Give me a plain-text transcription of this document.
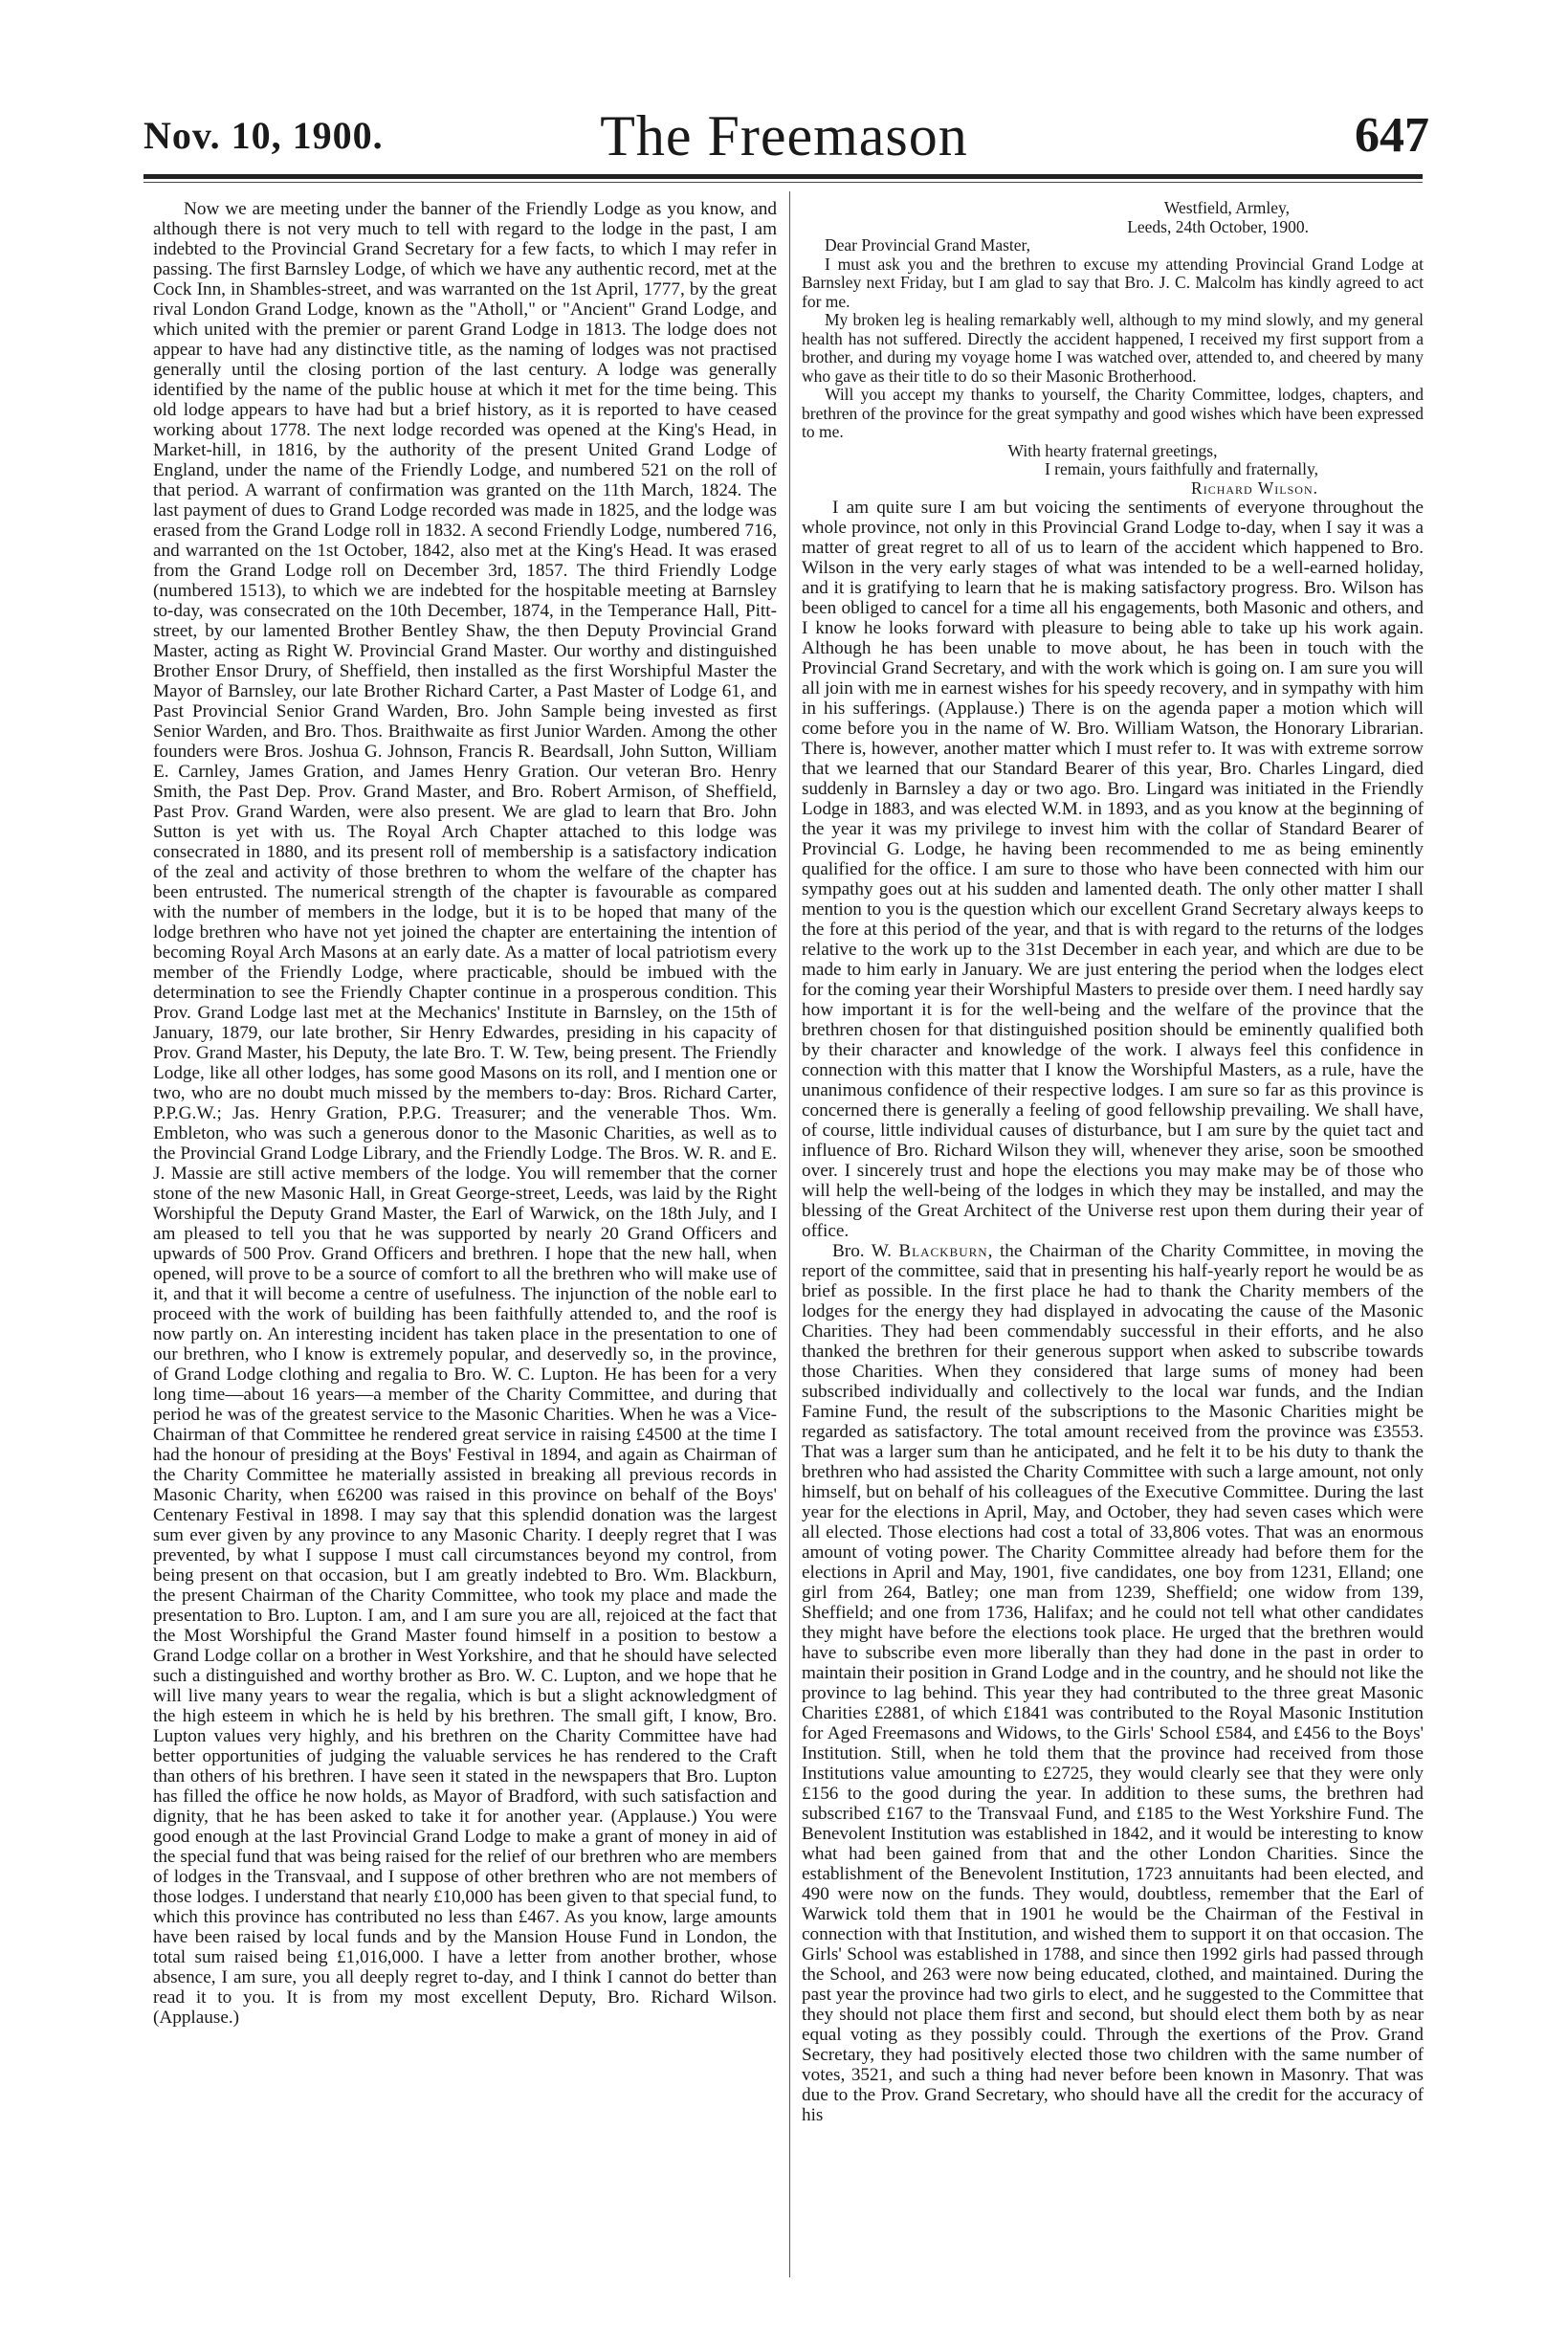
Nov. 10, 1900.	The Freemason	647

Now we are meeting under the banner of the Friendly Lodge as you know, and although there is not very much to tell with regard to the lodge in the past, I am indebted to the Provincial Grand Secretary for a few facts, to which I may refer in passing. The first Barnsley Lodge, of which we have any authentic record, met at the Cock Inn, in Shambles-street, and was warranted on the 1st April, 1777, by the great rival London Grand Lodge, known as the "Atholl," or "Ancient" Grand Lodge, and which united with the premier or parent Grand Lodge in 1813. The lodge does not appear to have had any distinctive title, as the naming of lodges was not practised generally until the closing portion of the last century. A lodge was generally identified by the name of the public house at which it met for the time being. This old lodge appears to have had but a brief history, as it is reported to have ceased working about 1778. The next lodge recorded was opened at the King's Head, in Market-hill, in 1816, by the authority of the present United Grand Lodge of England, under the name of the Friendly Lodge, and numbered 521 on the roll of that period. A warrant of confirmation was granted on the 11th March, 1824. The last payment of dues to Grand Lodge recorded was made in 1825, and the lodge was erased from the Grand Lodge roll in 1832. A second Friendly Lodge, numbered 716, and warranted on the 1st October, 1842, also met at the King's Head. It was erased from the Grand Lodge roll on December 3rd, 1857. The third Friendly Lodge (numbered 1513), to which we are indebted for the hospitable meeting at Barnsley to-day, was consecrated on the 10th December, 1874, in the Temperance Hall, Pitt-street, by our lamented Brother Bentley Shaw, the then Deputy Provincial Grand Master, acting as Right W. Provincial Grand Master. Our worthy and distinguished Brother Ensor Drury, of Sheffield, then installed as the first Worshipful Master the Mayor of Barnsley, our late Brother Richard Carter, a Past Master of Lodge 61, and Past Provincial Senior Grand Warden, Bro. John Sample being invested as first Senior Warden, and Bro. Thos. Braithwaite as first Junior Warden. Among the other founders were Bros. Joshua G. Johnson, Francis R. Beardsall, John Sutton, William E. Carnley, James Gration, and James Henry Gration. Our veteran Bro. Henry Smith, the Past Dep. Prov. Grand Master, and Bro. Robert Armison, of Sheffield, Past Prov. Grand Warden, were also present. We are glad to learn that Bro. John Sutton is yet with us. The Royal Arch Chapter attached to this lodge was consecrated in 1880, and its present roll of membership is a satisfactory indication of the zeal and activity of those brethren to whom the welfare of the chapter has been entrusted. The numerical strength of the chapter is favourable as compared with the number of members in the lodge, but it is to be hoped that many of the lodge brethren who have not yet joined the chapter are entertaining the intention of becoming Royal Arch Masons at an early date. As a matter of local patriotism every member of the Friendly Lodge, where practicable, should be imbued with the determination to see the Friendly Chapter continue in a prosperous condition. This Prov. Grand Lodge last met at the Mechanics' Institute in Barnsley, on the 15th of January, 1879, our late brother, Sir Henry Edwardes, presiding in his capacity of Prov. Grand Master, his Deputy, the late Bro. T. W. Tew, being present. The Friendly Lodge, like all other lodges, has some good Masons on its roll, and I mention one or two, who are no doubt much missed by the members to-day: Bros. Richard Carter, P.P.G.W.; Jas. Henry Gration, P.P.G. Treasurer; and the venerable Thos. Wm. Embleton, who was such a generous donor to the Masonic Charities, as well as to the Provincial Grand Lodge Library, and the Friendly Lodge. The Bros. W. R. and E. J. Massie are still active members of the lodge. You will remember that the corner stone of the new Masonic Hall, in Great George-street, Leeds, was laid by the Right Worshipful the Deputy Grand Master, the Earl of Warwick, on the 18th July, and I am pleased to tell you that he was supported by nearly 20 Grand Officers and upwards of 500 Prov. Grand Officers and brethren. I hope that the new hall, when opened, will prove to be a source of comfort to all the brethren who will make use of it, and that it will become a centre of usefulness. The injunction of the noble earl to proceed with the work of building has been faithfully attended to, and the roof is now partly on. An interesting incident has taken place in the presentation to one of our brethren, who I know is extremely popular, and deservedly so, in the province, of Grand Lodge clothing and regalia to Bro. W. C. Lupton. He has been for a very long time—about 16 years—a member of the Charity Committee, and during that period he was of the greatest service to the Masonic Charities. When he was a Vice-Chairman of that Committee he rendered great service in raising £4500 at the time I had the honour of presiding at the Boys' Festival in 1894, and again as Chairman of the Charity Committee he materially assisted in breaking all previous records in Masonic Charity, when £6200 was raised in this province on behalf of the Boys' Centenary Festival in 1898. I may say that this splendid donation was the largest sum ever given by any province to any Masonic Charity. I deeply regret that I was prevented, by what I suppose I must call circumstances beyond my control, from being present on that occasion, but I am greatly indebted to Bro. Wm. Blackburn, the present Chairman of the Charity Committee, who took my place and made the presentation to Bro. Lupton. I am, and I am sure you are all, rejoiced at the fact that the Most Worshipful the Grand Master found himself in a position to bestow a Grand Lodge collar on a brother in West Yorkshire, and that he should have selected such a distinguished and worthy brother as Bro. W. C. Lupton, and we hope that he will live many years to wear the regalia, which is but a slight acknowledgment of the high esteem in which he is held by his brethren. The small gift, I know, Bro. Lupton values very highly, and his brethren on the Charity Committee have had better opportunities of judging the valuable services he has rendered to the Craft than others of his brethren. I have seen it stated in the newspapers that Bro. Lupton has filled the office he now holds, as Mayor of Bradford, with such satisfaction and dignity, that he has been asked to take it for another year. (Applause.) You were good enough at the last Provincial Grand Lodge to make a grant of money in aid of the special fund that was being raised for the relief of our brethren who are members of lodges in the Transvaal, and I suppose of other brethren who are not members of those lodges. I understand that nearly £10,000 has been given to that special fund, to which this province has contributed no less than £467. As you know, large amounts have been raised by local funds and by the Mansion House Fund in London, the total sum raised being £1,016,000. I have a letter from another brother, whose absence, I am sure, you all deeply regret to-day, and I think I cannot do better than read it to you. It is from my most excellent Deputy, Bro. Richard Wilson. (Applause.)

Westfield, Armley,

Leeds, 24th October, 1900.

Dear Provincial Grand Master,

I must ask you and the brethren to excuse my attending Provincial Grand Lodge at Barnsley next Friday, but I am glad to say that Bro. J. C. Malcolm has kindly agreed to act for me.

My broken leg is healing remarkably well, although to my mind slowly, and my general health has not suffered. Directly the accident happened, I received my first support from a brother, and during my voyage home I was watched over, attended to, and cheered by many who gave as their title to do so their Masonic Brotherhood.

Will you accept my thanks to yourself, the Charity Committee, lodges, chapters, and brethren of the province for the great sympathy and good wishes which have been expressed to me.

With hearty fraternal greetings,

I remain, yours faithfully and fraternally,

Richard Wilson.

I am quite sure I am but voicing the sentiments of everyone throughout the whole province, not only in this Provincial Grand Lodge to-day, when I say it was a matter of great regret to all of us to learn of the accident which happened to Bro. Wilson in the very early stages of what was intended to be a well-earned holiday, and it is gratifying to learn that he is making satisfactory progress. Bro. Wilson has been obliged to cancel for a time all his engagements, both Masonic and others, and I know he looks forward with pleasure to being able to take up his work again. Although he has been unable to move about, he has been in touch with the Provincial Grand Secretary, and with the work which is going on. I am sure you will all join with me in earnest wishes for his speedy recovery, and in sympathy with him in his sufferings. (Applause.) There is on the agenda paper a motion which will come before you in the name of W. Bro. William Watson, the Honorary Librarian. There is, however, another matter which I must refer to. It was with extreme sorrow that we learned that our Standard Bearer of this year, Bro. Charles Lingard, died suddenly in Barnsley a day or two ago. Bro. Lingard was initiated in the Friendly Lodge in 1883, and was elected W.M. in 1893, and as you know at the beginning of the year it was my privilege to invest him with the collar of Standard Bearer of Provincial G. Lodge, he having been recommended to me as being eminently qualified for the office. I am sure to those who have been connected with him our sympathy goes out at his sudden and lamented death. The only other matter I shall mention to you is the question which our excellent Grand Secretary always keeps to the fore at this period of the year, and that is with regard to the returns of the lodges relative to the work up to the 31st December in each year, and which are due to be made to him early in January. We are just entering the period when the lodges elect for the coming year their Worshipful Masters to preside over them. I need hardly say how important it is for the well-being and the welfare of the province that the brethren chosen for that distinguished position should be eminently qualified both by their character and knowledge of the work. I always feel this confidence in connection with this matter that I know the Worshipful Masters, as a rule, have the unanimous confidence of their respective lodges. I am sure so far as this province is concerned there is generally a feeling of good fellowship prevailing. We shall have, of course, little individual causes of disturbance, but I am sure by the quiet tact and influence of Bro. Richard Wilson they will, whenever they arise, soon be smoothed over. I sincerely trust and hope the elections you may make may be of those who will help the well-being of the lodges in which they may be installed, and may the blessing of the Great Architect of the Universe rest upon them during their year of office.

Bro. W. Blackburn, the Chairman of the Charity Committee, in moving the report of the committee, said that in presenting his half-yearly report he would be as brief as possible. In the first place he had to thank the Charity members of the lodges for the energy they had displayed in advocating the cause of the Masonic Charities. They had been commendably successful in their efforts, and he also thanked the brethren for their generous support when asked to subscribe towards those Charities. When they considered that large sums of money had been subscribed individually and collectively to the local war funds, and the Indian Famine Fund, the result of the subscriptions to the Masonic Charities might be regarded as satisfactory. The total amount received from the province was £3553. That was a larger sum than he anticipated, and he felt it to be his duty to thank the brethren who had assisted the Charity Committee with such a large amount, not only himself, but on behalf of his colleagues of the Executive Committee. During the last year for the elections in April, May, and October, they had seven cases which were all elected. Those elections had cost a total of 33,806 votes. That was an enormous amount of voting power. The Charity Committee already had before them for the elections in April and May, 1901, five candidates, one boy from 1231, Elland; one girl from 264, Batley; one man from 1239, Sheffield; one widow from 139, Sheffield; and one from 1736, Halifax; and he could not tell what other candidates they might have before the elections took place. He urged that the brethren would have to subscribe even more liberally than they had done in the past in order to maintain their position in Grand Lodge and in the country, and he should not like the province to lag behind. This year they had contributed to the three great Masonic Charities £2881, of which £1841 was contributed to the Royal Masonic Institution for Aged Freemasons and Widows, to the Girls' School £584, and £456 to the Boys' Institution. Still, when he told them that the province had received from those Institutions value amounting to £2725, they would clearly see that they were only £156 to the good during the year. In addition to these sums, the brethren had subscribed £167 to the Transvaal Fund, and £185 to the West Yorkshire Fund. The Benevolent Institution was established in 1842, and it would be interesting to know what had been gained from that and the other London Charities. Since the establishment of the Benevolent Institution, 1723 annuitants had been elected, and 490 were now on the funds. They would, doubtless, remember that the Earl of Warwick told them that in 1901 he would be the Chairman of the Festival in connection with that Institution, and wished them to support it on that occasion. The Girls' School was established in 1788, and since then 1992 girls had passed through the School, and 263 were now being educated, clothed, and maintained. During the past year the province had two girls to elect, and he suggested to the Committee that they should not place them first and second, but should elect them both by as near equal voting as they possibly could. Through the exertions of the Prov. Grand Secretary, they had positively elected those two children with the same number of votes, 3521, and such a thing had never before been known in Masonry. That was due to the Prov. Grand Secretary, who should have all the credit for the accuracy of his
